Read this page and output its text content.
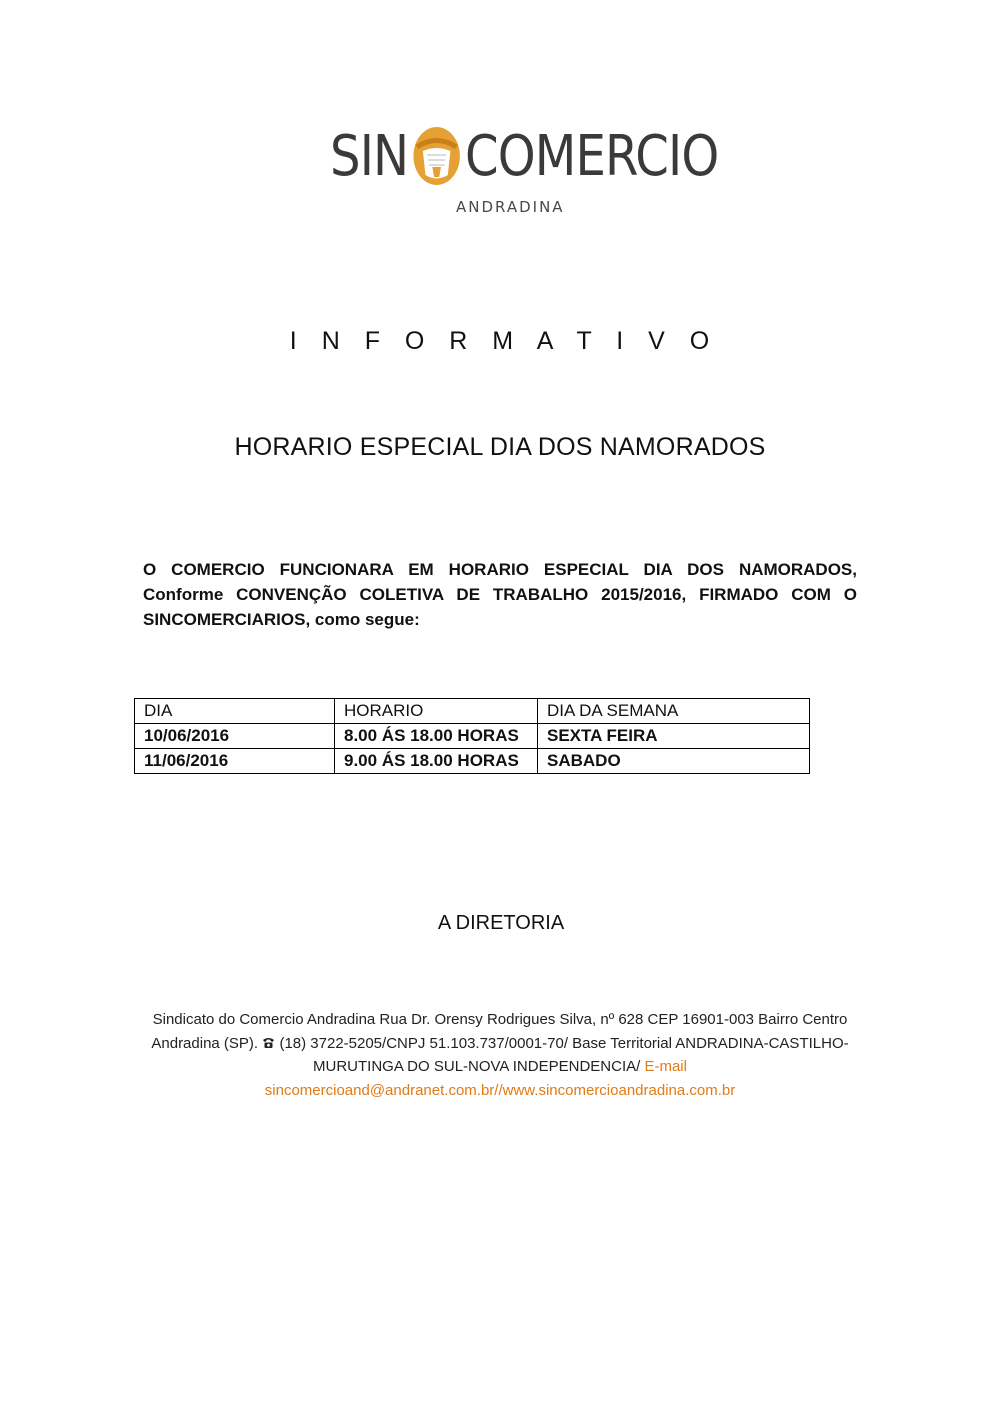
SIN COMERCIO
ANDRADINA
I N F O R M A T I V O
HORARIO ESPECIAL DIA DOS NAMORADOS
O COMERCIO FUNCIONARA EM HORARIO ESPECIAL DIA DOS NAMORADOS, Conforme CONVENÇÃO COLETIVA DE TRABALHO 2015/2016, FIRMADO COM O SINCOMERCIARIOS, como segue:
DIA	HORARIO	DIA DA SEMANA
10/06/2016	8.00 ÁS 18.00 HORAS	SEXTA FEIRA
11/06/2016	9.00 ÁS 18.00 HORAS	SABADO
A DIRETORIA
Sindicato do Comercio Andradina Rua Dr. Orensy Rodrigues Silva, nº 628 CEP 16901-003 Bairro Centro
Andradina (SP).  (18) 3722-5205/CNPJ 51.103.737/0001-70/ Base Territorial ANDRADINA-CASTILHO-
MURUTINGA DO SUL-NOVA INDEPENDENCIA/ E-mail
sincomercioand@andranet.com.br//www.sincomercioandradina.com.br
